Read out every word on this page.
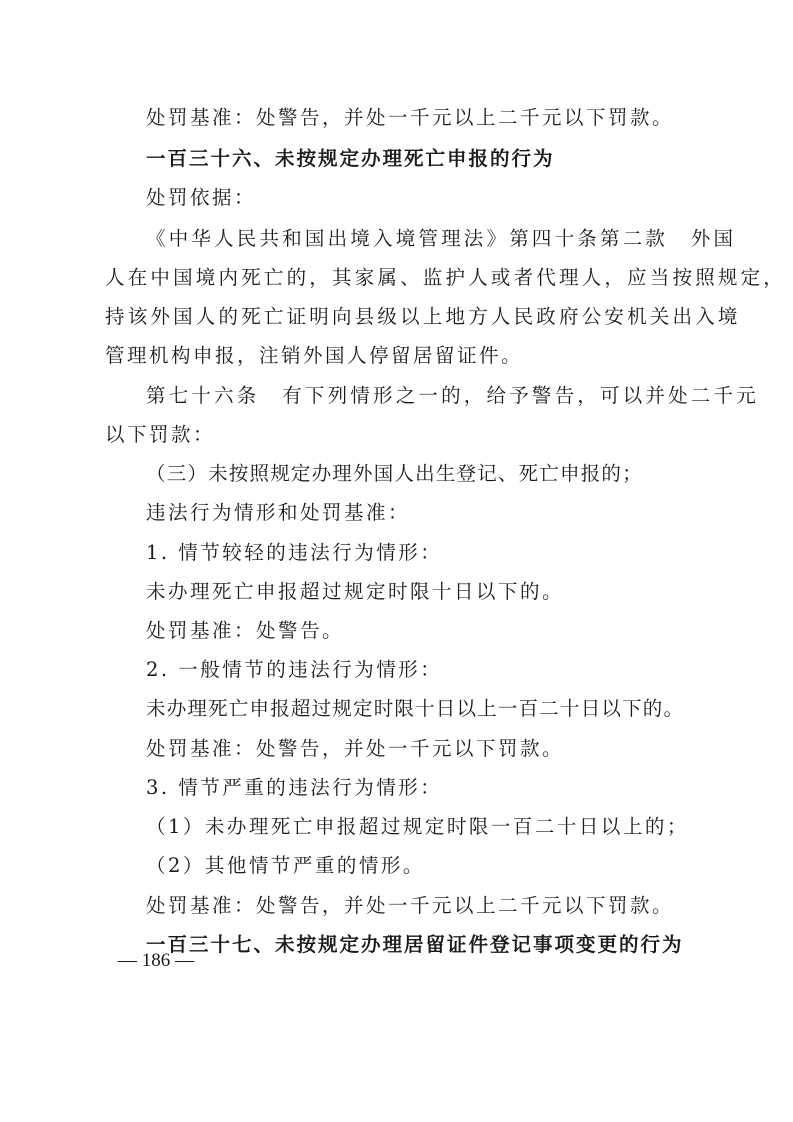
处罚基准：处警告，并处一千元以上二千元以下罚款。
一百三十六、未按规定办理死亡申报的行为
处罚依据：
《中华人民共和国出境入境管理法》第四十条第二款　外国
人在中国境内死亡的，其家属、监护人或者代理人，应当按照规定，
持该外国人的死亡证明向县级以上地方人民政府公安机关出入境
管理机构申报，注销外国人停留居留证件。
第七十六条　有下列情形之一的，给予警告，可以并处二千元
以下罚款：
（三）未按照规定办理外国人出生登记、死亡申报的；
违法行为情形和处罚基准：
1. 情节较轻的违法行为情形：
未办理死亡申报超过规定时限十日以下的。
处罚基准：处警告。
2. 一般情节的违法行为情形：
未办理死亡申报超过规定时限十日以上一百二十日以下的。
处罚基准：处警告，并处一千元以下罚款。
3. 情节严重的违法行为情形：
（1）未办理死亡申报超过规定时限一百二十日以上的；
（2）其他情节严重的情形。
处罚基准：处警告，并处一千元以上二千元以下罚款。
一百三十七、未按规定办理居留证件登记事项变更的行为
— 186 —
